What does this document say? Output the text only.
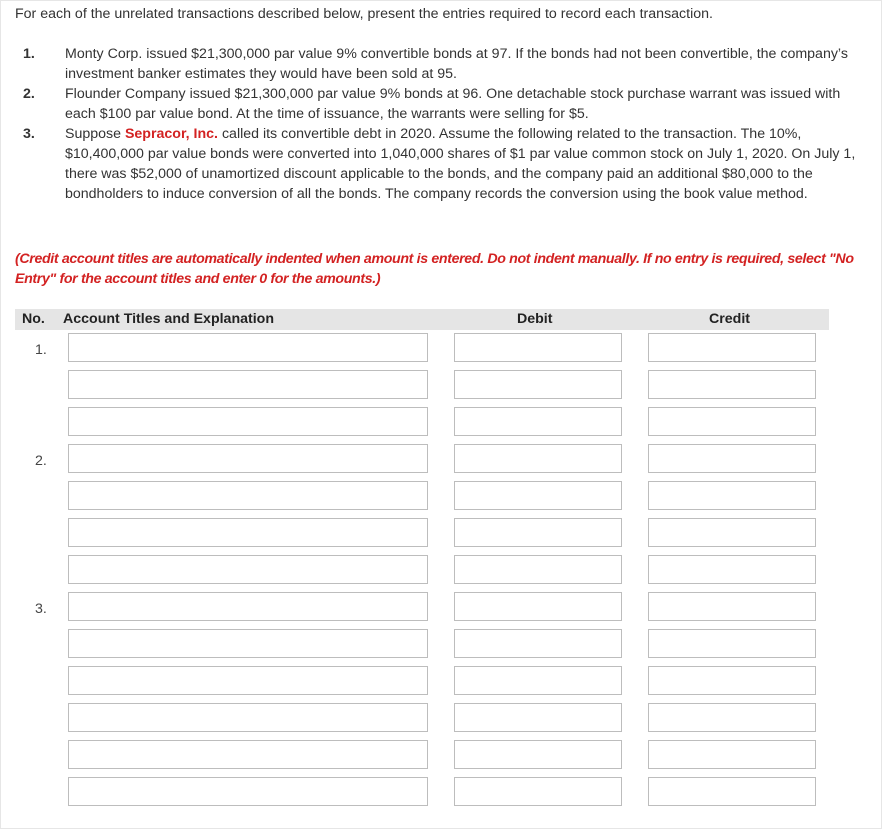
For each of the unrelated transactions described below, present the entries required to record each transaction.
1. Monty Corp. issued $21,300,000 par value 9% convertible bonds at 97. If the bonds had not been convertible, the company’s investment banker estimates they would have been sold at 95.
2. Flounder Company issued $21,300,000 par value 9% bonds at 96. One detachable stock purchase warrant was issued with each $100 par value bond. At the time of issuance, the warrants were selling for $5.
3. Suppose Sepracor, Inc. called its convertible debt in 2020. Assume the following related to the transaction. The 10%, $10,400,000 par value bonds were converted into 1,040,000 shares of $1 par value common stock on July 1, 2020. On July 1, there was $52,000 of unamortized discount applicable to the bonds, and the company paid an additional $80,000 to the bondholders to induce conversion of all the bonds. The company records the conversion using the book value method.
(Credit account titles are automatically indented when amount is entered. Do not indent manually. If no entry is required, select "No Entry" for the account titles and enter 0 for the amounts.)
No. Account Titles and Explanation	Debit	Credit
1.
2.
3.
